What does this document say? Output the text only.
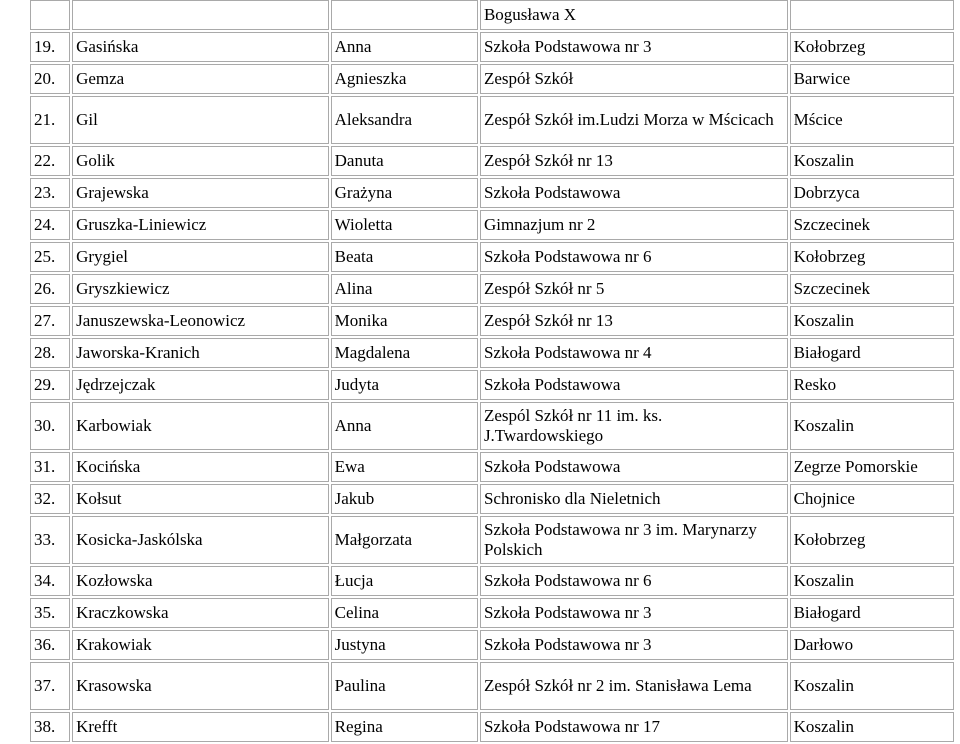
			Bogusława X	
19.	Gasińska	Anna	Szkoła Podstawowa nr 3	Kołobrzeg
20.	Gemza	Agnieszka	Zespół Szkół	Barwice
21.	Gil	Aleksandra	Zespół Szkół im.Ludzi Morza w Mścicach	Mścice
22.	Golik	Danuta	Zespół Szkół nr 13	Koszalin
23.	Grajewska	Grażyna	Szkoła Podstawowa	Dobrzyca
24.	Gruszka-Liniewicz	Wioletta	Gimnazjum nr 2	Szczecinek
25.	Grygiel	Beata	Szkoła Podstawowa nr 6	Kołobrzeg
26.	Gryszkiewicz	Alina	Zespół Szkół nr 5	Szczecinek
27.	Januszewska-Leonowicz	Monika	Zespół Szkół nr 13	Koszalin
28.	Jaworska-Kranich	Magdalena	Szkoła Podstawowa nr 4	Białogard
29.	Jędrzejczak	Judyta	Szkoła Podstawowa	Resko
30.	Karbowiak	Anna	Zespól Szkół nr 11 im. ks. J.Twardowskiego	Koszalin
31.	Kocińska	Ewa	Szkoła Podstawowa	Zegrze Pomorskie
32.	Kołsut	Jakub	Schronisko dla Nieletnich	Chojnice
33.	Kosicka-Jaskólska	Małgorzata	Szkoła Podstawowa nr 3 im. Marynarzy Polskich	Kołobrzeg
34.	Kozłowska	Łucja	Szkoła Podstawowa nr 6	Koszalin
35.	Kraczkowska	Celina	Szkoła Podstawowa nr 3	Białogard
36.	Krakowiak	Justyna	Szkoła Podstawowa nr 3	Darłowo
37.	Krasowska	Paulina	Zespół Szkół nr 2 im. Stanisława Lema	Koszalin
38.	Krefft	Regina	Szkoła Podstawowa nr 17	Koszalin
